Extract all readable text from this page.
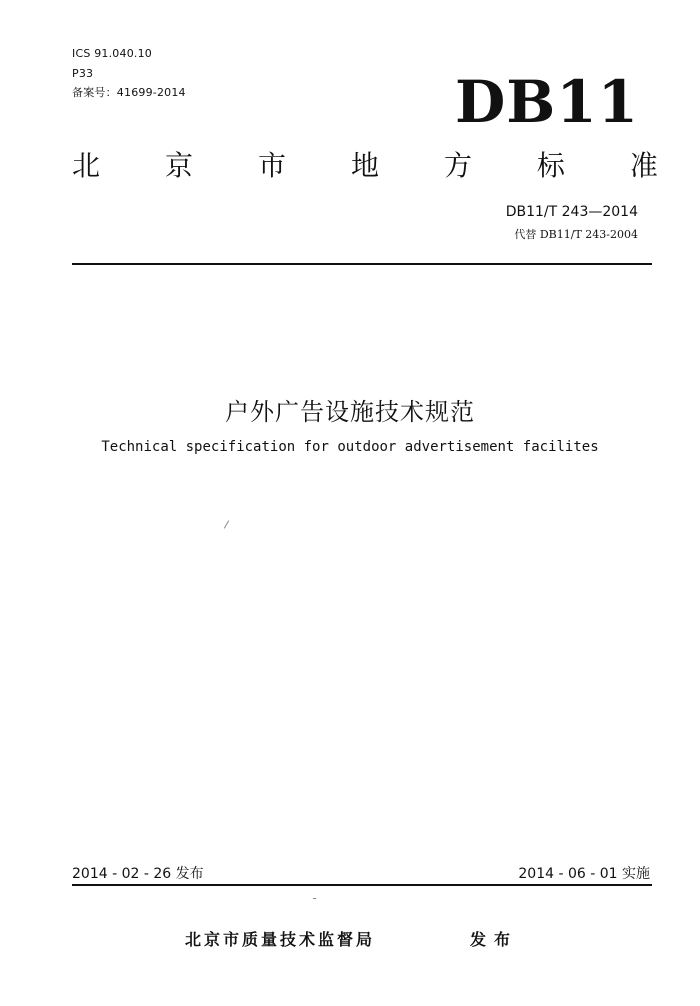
ICS 91.040.10
P33
备案号：41699-2014	DB11
北 京 市 地 方 标 准
DB11/T 243—2014
代替 DB11/T 243-2004
户外广告设施技术规范
Technical specification for outdoor advertisement facilites
2014 - 02 - 26 发布	2014 - 06 - 01 实施
北京市质量技术监督局	发布
